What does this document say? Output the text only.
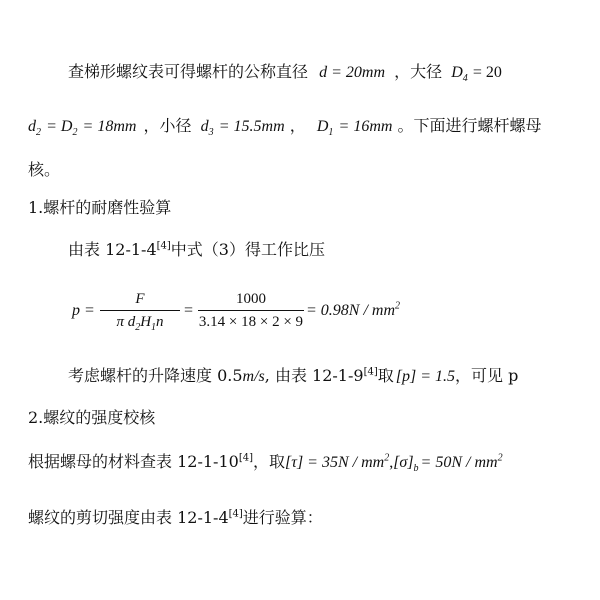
查梯形螺纹表可得螺杆的公称直径 d = 20mm ，大径 $D_4 = 20$
$d_2 = D_2 = 18mm$ ，小径 $d_3 = 15.5mm$ ， $D_1 = 16mm$ 。下面进行螺杆螺母
核。
1.螺杆的耐磨性验算
由表 12-1-4[4]中式（3）得工作比压
p =
F
π $d_2H_1n$
=
1000
3.14 × 18 × 2 × 9
= $0.98N / mm^2$
考虑螺杆的升降速度 0.5m/s, 由表 12-1-9[4]取 [p] = 1.5，可见 p
2.螺纹的强度校核
根据螺母的材料查表 12-1-10[4]，取$[\tau] = 35N / mm^2,[\sigma]_b = 50N / mm^2$
螺纹的剪切强度由表 12-1-4[4]进行验算：
